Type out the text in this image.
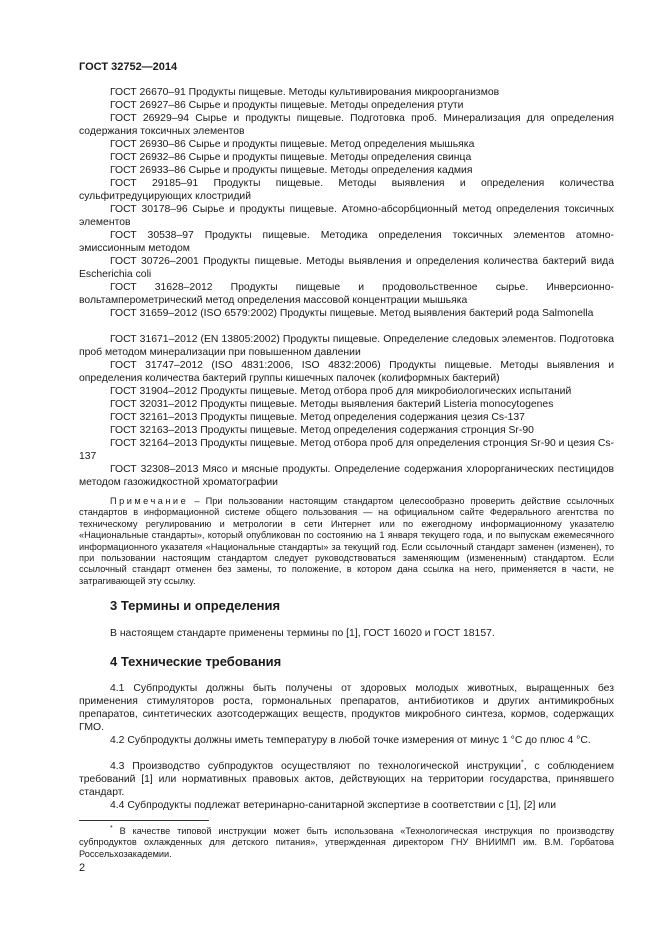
ГОСТ 32752—2014

ГОСТ 26670–91 Продукты пищевые. Методы культивирования микроорганизмов

ГОСТ 26927–86 Сырье и продукты пищевые. Методы определения ртути

ГОСТ 26929–94 Сырье и продукты пищевые. Подготовка проб. Минерализация для определения содержания токсичных элементов

ГОСТ 26930–86 Сырье и продукты пищевые. Метод определения мышьяка

ГОСТ 26932–86 Сырье и продукты пищевые. Методы определения свинца

ГОСТ 26933–86 Сырье и продукты пищевые. Методы определения кадмия

ГОСТ 29185–91 Продукты пищевые. Методы выявления и определения количества сульфитредуцирующих клостридий

ГОСТ 30178–96 Сырье и продукты пищевые. Атомно-абсорбционный метод определения токсичных элементов

ГОСТ 30538–97 Продукты пищевые. Методика определения токсичных элементов атомно-эмиссионным методом

ГОСТ 30726–2001 Продукты пищевые. Методы выявления и определения количества бактерий вида Escherichia coli

ГОСТ 31628–2012 Продукты пищевые и продовольственное сырье. Инверсионно-вольтамперометрический метод определения массовой концентрации мышьяка

ГОСТ 31659–2012 (ISO 6579:2002) Продукты пищевые. Метод выявления бактерий рода Salmonella

ГОСТ 31671–2012 (EN 13805:2002) Продукты пищевые. Определение следовых элементов. Подготовка проб методом минерализации при повышенном давлении

ГОСТ 31747–2012 (ISO 4831:2006, ISO 4832:2006) Продукты пищевые. Методы выявления и определения количества бактерий группы кишечных палочек (колиформных бактерий)

ГОСТ 31904–2012 Продукты пищевые. Метод отбора проб для микробиологических испытаний

ГОСТ 32031–2012 Продукты пищевые. Методы выявления бактерий Listeria monocytogenes

ГОСТ 32161–2013 Продукты пищевые. Метод определения содержания цезия Cs-137

ГОСТ 32163–2013 Продукты пищевые. Метод определения содержания стронция Sr-90

ГОСТ 32164–2013 Продукты пищевые. Метод отбора проб для определения стронция Sr-90 и цезия Cs-137

ГОСТ 32308–2013 Мясо и мясные продукты. Определение содержания хлорорганических пестицидов методом газожидкостной хроматографии

Примечание – При пользовании настоящим стандартом целесообразно проверить действие ссылочных стандартов в информационной системе общего пользования — на официальном сайте Федерального агентства по техническому регулированию и метрологии в сети Интернет или по ежегодному информационному указателю «Национальные стандарты», который опубликован по состоянию на 1 января текущего года, и по выпускам ежемесячного информационного указателя «Национальные стандарты» за текущий год. Если ссылочный стандарт заменен (изменен), то при пользовании настоящим стандартом следует руководствоваться заменяющим (измененным) стандартом. Если ссылочный стандарт отменен без замены, то положение, в котором дана ссылка на него, применяется в части, не затрагивающей эту ссылку.

3 Термины и определения

В настоящем стандарте применены термины по [1], ГОСТ 16020 и ГОСТ 18157.

4 Технические требования

4.1 Субпродукты должны быть получены от здоровых молодых животных, выращенных без применения стимуляторов роста, гормональных препаратов, антибиотиков и других антимикробных препаратов, синтетических азотсодержащих веществ, продуктов микробного синтеза, кормов, содержащих ГМО.

4.2 Субпродукты должны иметь температуру в любой точке измерения от минус 1 °С до плюс 4 °С.

4.3 Производство субпродуктов осуществляют по технологической инструкции*, с соблюдением требований [1] или нормативных правовых актов, действующих на территории государства, принявшего стандарт.

4.4 Субпродукты подлежат ветеринарно-санитарной экспертизе в соответствии с [1], [2] или

* В качестве типовой инструкции может быть использована «Технологическая инструкция по производству субпродуктов охлажденных для детского питания», утвержденная директором ГНУ ВНИИМП им. В.М. Горбатова Россельхозакадемии.

2
